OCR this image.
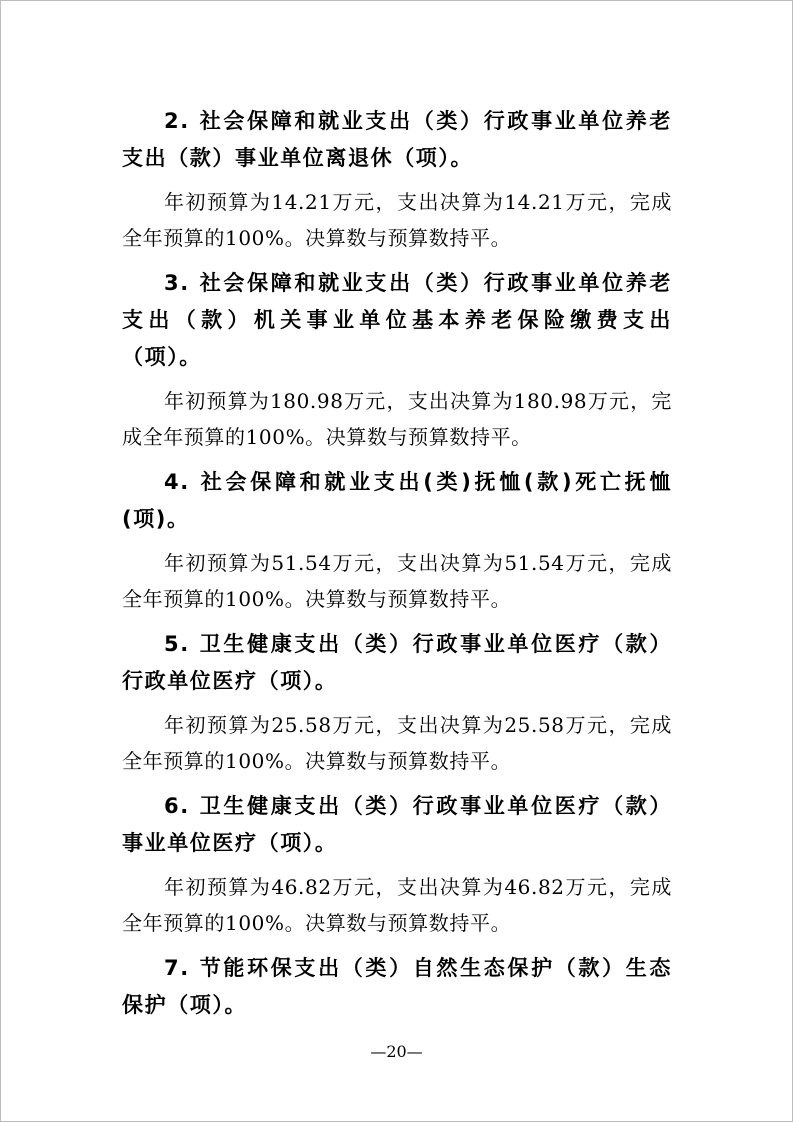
2. 社会保障和就业支出（类）行政事业单位养老支出（款）事业单位离退休（项）。

年初预算为14.21万元，支出决算为14.21万元，完成全年预算的100%。决算数与预算数持平。

3. 社会保障和就业支出（类）行政事业单位养老支出（款）机关事业单位基本养老保险缴费支出（项）。

年初预算为180.98万元，支出决算为180.98万元，完成全年预算的100%。决算数与预算数持平。

4. 社会保障和就业支出(类)抚恤(款)死亡抚恤(项)。

年初预算为51.54万元，支出决算为51.54万元，完成全年预算的100%。决算数与预算数持平。

5. 卫生健康支出（类）行政事业单位医疗（款）行政单位医疗（项）。

年初预算为25.58万元，支出决算为25.58万元，完成全年预算的100%。决算数与预算数持平。

6. 卫生健康支出（类）行政事业单位医疗（款）事业单位医疗（项）。

年初预算为46.82万元，支出决算为46.82万元，完成全年预算的100%。决算数与预算数持平。

7. 节能环保支出（类）自然生态保护（款）生态保护（项）。

—20—
